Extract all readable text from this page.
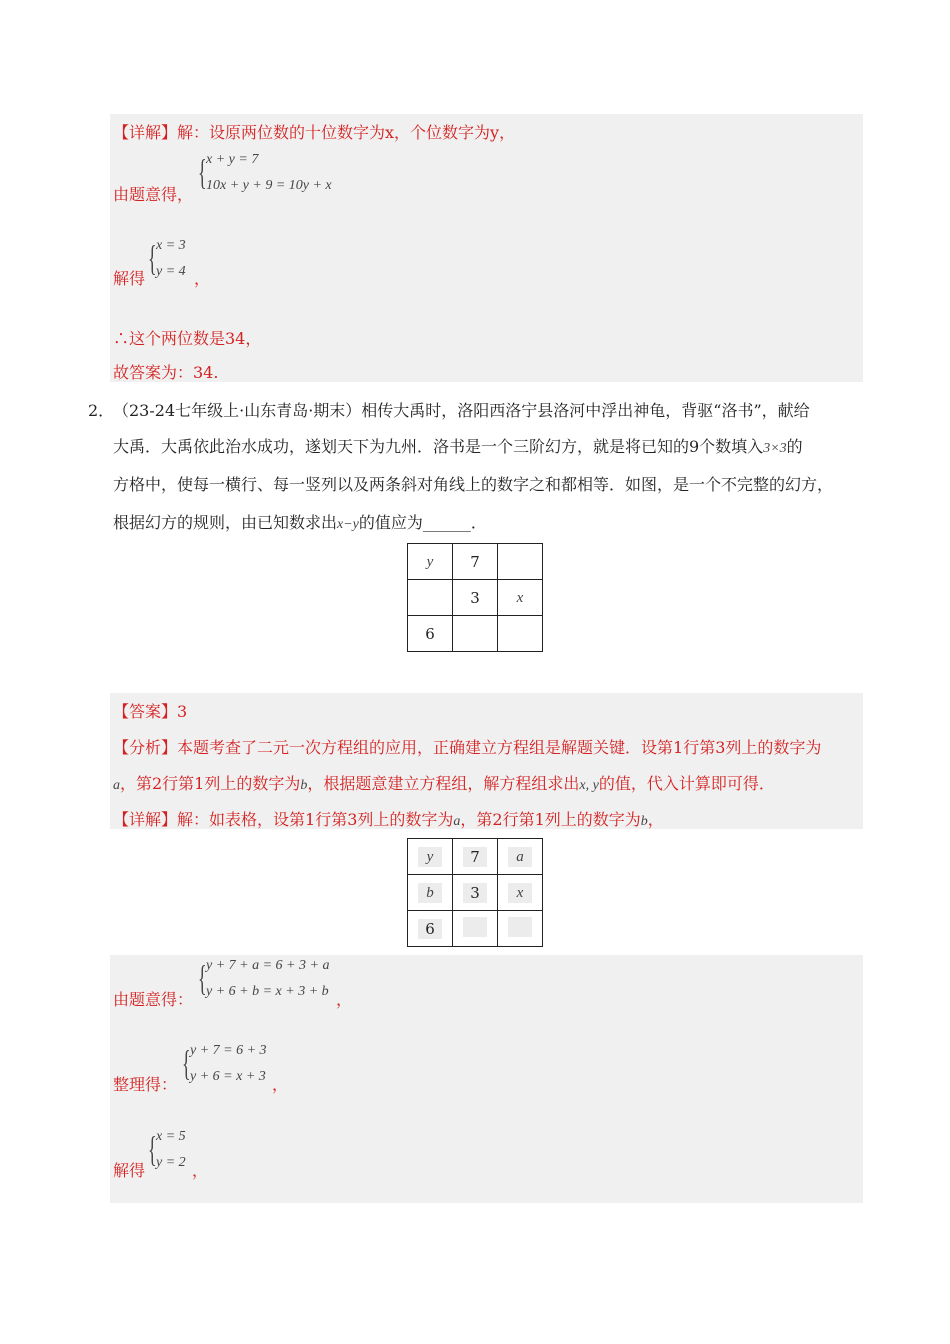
【详解】解：设原两位数的十位数字为x，个位数字为y，
由题意得，
{ x + y = 7
10x + y + 9 = 10y + x
解得
{ x = 3
y = 4 ，
∴这个两位数是34，
故答案为：34.
2．
（23-24七年级上·山东青岛·期末）相传大禹时，洛阳西洛宁县洛河中浮出神龟，背驱“洛书”，献给
大禹．大禹依此治水成功，遂划天下为九州．洛书是一个三阶幻方，就是将已知的9个数填入3×3的
方格中，使每一横行、每一竖列以及两条斜对角线上的数字之和都相等．如图，是一个不完整的幻方，
根据幻方的规则，由已知数求出x−y的值应为______．
y	7	
	3	x
6		
【答案】3
【分析】本题考查了二元一次方程组的应用，正确建立方程组是解题关键．设第1行第3列上的数字为
a，第2行第1列上的数字为b，根据题意建立方程组，解方程组求出x, y的值，代入计算即可得．
【详解】解：如表格，设第1行第3列上的数字为a，第2行第1列上的数字为b，
y	7	a
b	3	x
6		
由题意得：
{ y + 7 + a = 6 + 3 + a
y + 6 + b = x + 3 + b ，
整理得：
{ y + 7 = 6 + 3
y + 6 = x + 3 ，
解得
{ x = 5
y = 2 ，
